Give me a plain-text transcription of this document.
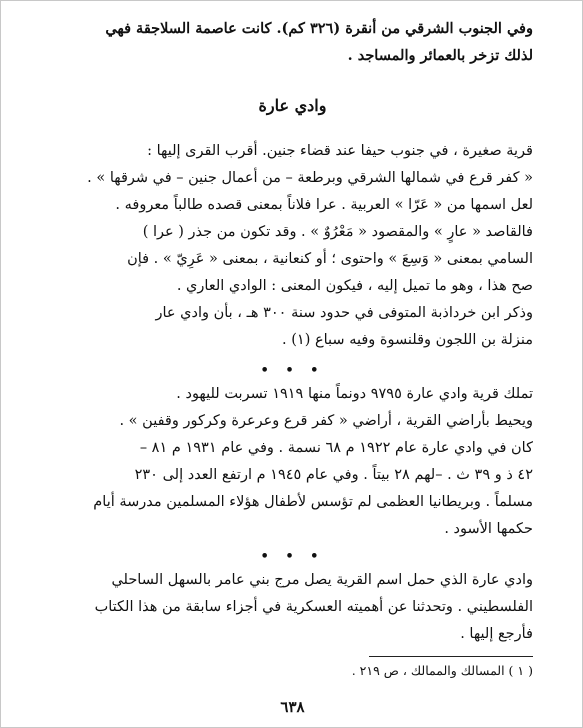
وفي الجنوب الشرقي من أنقرة (٣٢٦ كم). كانت عاصمة السلاجقة فهي
لذلك تزخر بالعمائر والمساجد .
وادي عارة
قرية صغيرة ، في جنوب حيفا عند قضاء جنين. أقرب القرى إليها :
« كفر قرع في شمالها الشرقي وبرطعة – من أعمال جنين – في شرقها » .
لعل اسمها من « عَرّا » العربية . عرا فلاناً بمعنى قصده طالباً معروفه .
فالقاصد « عارٍ » والمقصود « مَعْرُوٌ » . وقد تكون من جذر ( عرا )
السامي بمعنى « وَسِعَ » واحتوى ؛ أو كنعانية ، بمعنى « عَرِيّ » . فإن
صح هذا ، وهو ما تميل إليه ، فيكون المعنى : الوادي العاري .
وذكر ابن خرداذبة المتوفى في حدود سنة ٣٠٠ هـ ، بأن وادي عار
منزلة بن اللجون وقلنسوة وفيه سباع (١) .
• • •
تملك قرية وادي عارة ٩٧٩٥ دونماً منها ١٩١٩ تسربت لليهود .
ويحيط بأراضي القرية ، أراضي « كفر قرع وعرعرة وكركور وقفين » .
كان في وادي عارة عام ١٩٢٢ م ٦٨ نسمة . وفي عام ١٩٣١ م ٨١ –
٤٢ ذ و ٣٩ ث . –لهم ٢٨ بيتاً . وفي عام ١٩٤٥ م ارتفع العدد إلى ٢٣٠
مسلماً . وبريطانيا العظمى لم تؤسس لأطفال هؤلاء المسلمين مدرسة أيام
حكمها الأسود .
• • •
وادي عارة الذي حمل اسم القرية يصل مرج بني عامر بالسهل الساحلي
الفلسطيني . وتحدثنا عن أهميته العسكرية في أجزاء سابقة من هذا الكتاب
فأرجع إليها .
( ١ ) المسالك والممالك ، ص ٢١٩ .
٦٣٨
